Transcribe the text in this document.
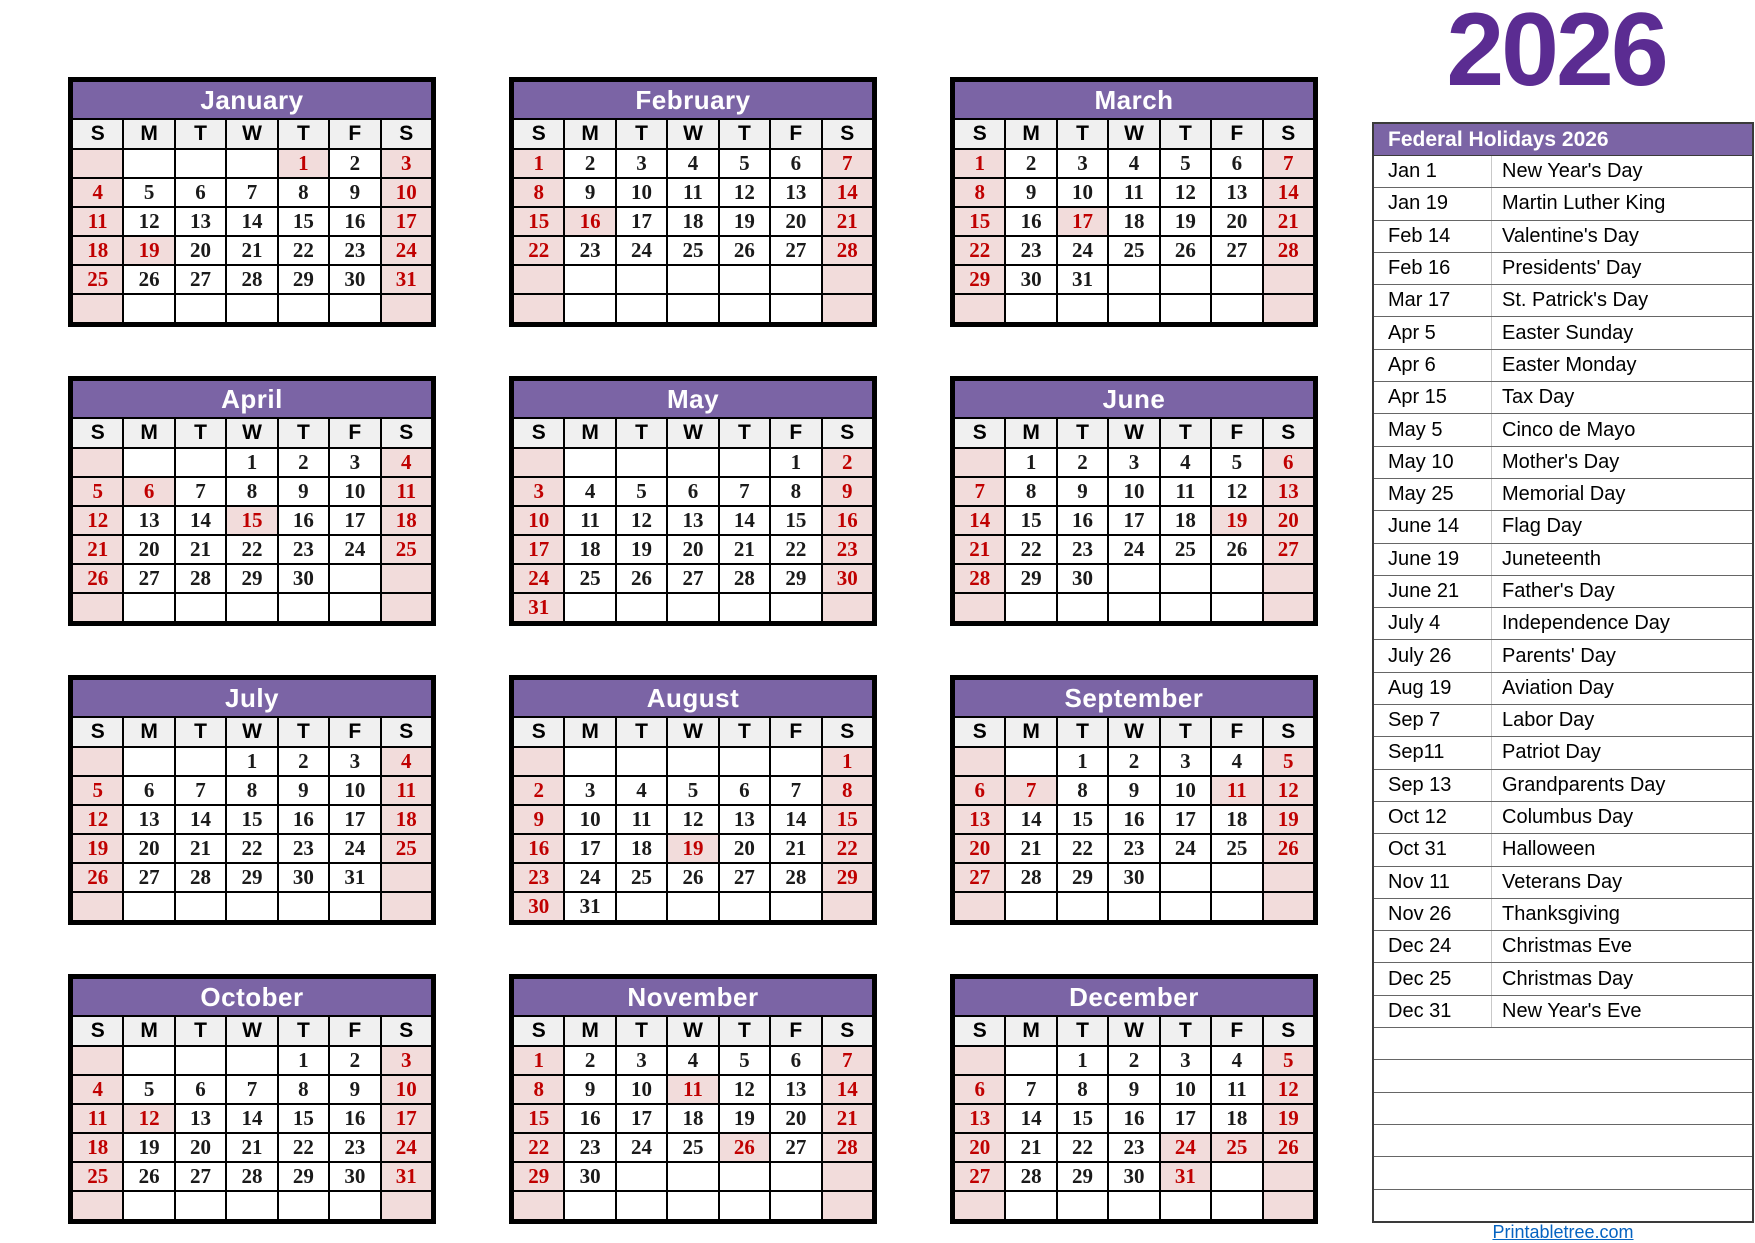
2026
January						
S	M	T	W	T	F	S
				1	2	3
4	5	6	7	8	9	10
11	12	13	14	15	16	17
18	19	20	21	22	23	24
25	26	27	28	29	30	31

February						
S	M	T	W	T	F	S
1	2	3	4	5	6	7
8	9	10	11	12	13	14
15	16	17	18	19	20	21
22	23	24	25	26	27	28

March						
S	M	T	W	T	F	S
1	2	3	4	5	6	7
8	9	10	11	12	13	14
15	16	17	18	19	20	21
22	23	24	25	26	27	28
29	30	31				

April						
S	M	T	W	T	F	S
			1	2	3	4
5	6	7	8	9	10	11
12	13	14	15	16	17	18
21	20	21	22	23	24	25
26	27	28	29	30		

May						
S	M	T	W	T	F	S
					1	2
3	4	5	6	7	8	9
10	11	12	13	14	15	16
17	18	19	20	21	22	23
24	25	26	27	28	29	30
31						
June						
S	M	T	W	T	F	S
	1	2	3	4	5	6
7	8	9	10	11	12	13
14	15	16	17	18	19	20
21	22	23	24	25	26	27
28	29	30				

July						
S	M	T	W	T	F	S
			1	2	3	4
5	6	7	8	9	10	11
12	13	14	15	16	17	18
19	20	21	22	23	24	25
26	27	28	29	30	31	

August						
S	M	T	W	T	F	S
						1
2	3	4	5	6	7	8
9	10	11	12	13	14	15
16	17	18	19	20	21	22
23	24	25	26	27	28	29
30	31					
September						
S	M	T	W	T	F	S
		1	2	3	4	5
6	7	8	9	10	11	12
13	14	15	16	17	18	19
20	21	22	23	24	25	26
27	28	29	30			

October						
S	M	T	W	T	F	S
				1	2	3
4	5	6	7	8	9	10
11	12	13	14	15	16	17
18	19	20	21	22	23	24
25	26	27	28	29	30	31

November						
S	M	T	W	T	F	S
1	2	3	4	5	6	7
8	9	10	11	12	13	14
15	16	17	18	19	20	21
22	23	24	25	26	27	28
29	30					

December						
S	M	T	W	T	F	S
		1	2	3	4	5
6	7	8	9	10	11	12
13	14	15	16	17	18	19
20	21	22	23	24	25	26
27	28	29	30	31		

Federal Holidays 2026
Jan 1	New Year's Day
Jan 19	Martin Luther King
Feb 14	Valentine's Day
Feb 16	Presidents' Day
Mar 17	St. Patrick's Day
Apr 5	Easter Sunday
Apr 6	Easter Monday
Apr 15	Tax Day
May 5	Cinco de Mayo
May 10	Mother's Day
May 25	Memorial Day
June 14	Flag Day
June 19	Juneteenth
June 21	Father's Day
July 4	Independence Day
July 26	Parents' Day
Aug 19	Aviation Day
Sep 7	Labor Day
Sep11	Patriot Day
Sep 13	Grandparents Day
Oct 12	Columbus Day
Oct 31	Halloween
Nov 11	Veterans Day
Nov 26	Thanksgiving
Dec 24	Christmas Eve
Dec 25	Christmas Day
Dec 31	New Year's Eve
Printabletree.com
